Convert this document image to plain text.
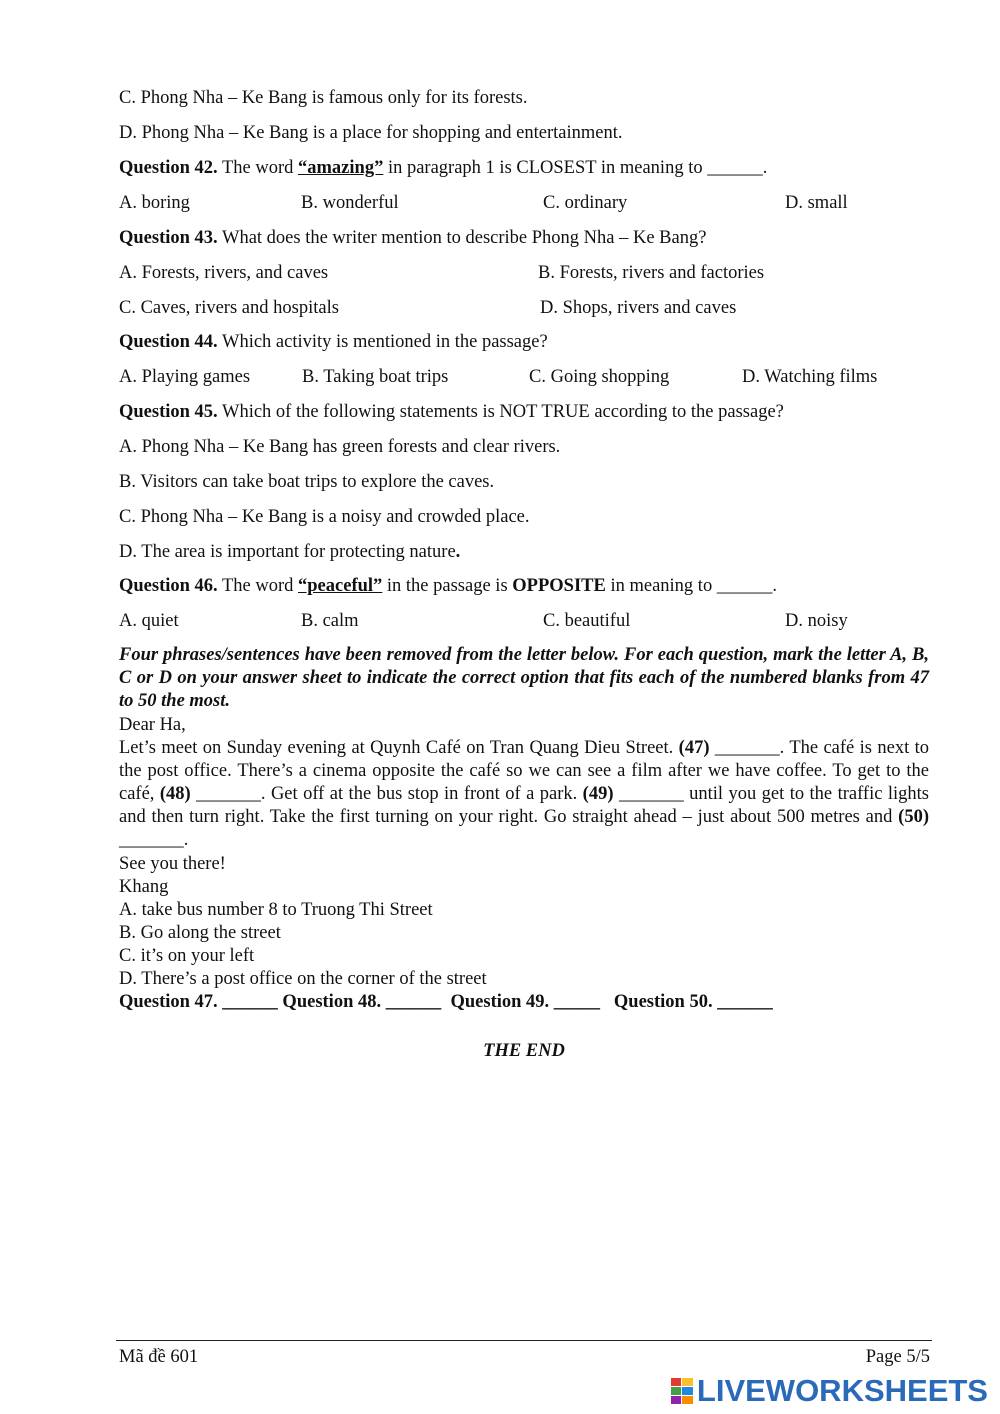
C. Phong Nha – Ke Bang is famous only for its forests.
D. Phong Nha – Ke Bang is a place for shopping and entertainment.
Question 42. The word “amazing” in paragraph 1 is CLOSEST in meaning to ______.
A. boring	B. wonderful	C. ordinary	D. small
Question 43. What does the writer mention to describe Phong Nha – Ke Bang?
A. Forests, rivers, and caves	B. Forests, rivers and factories
C. Caves, rivers and hospitals	D. Shops, rivers and caves
Question 44. Which activity is mentioned in the passage?
A. Playing games	B. Taking boat trips	C. Going shopping	D. Watching films
Question 45. Which of the following statements is NOT TRUE according to the passage?
A. Phong Nha – Ke Bang has green forests and clear rivers.
B. Visitors can take boat trips to explore the caves.
C. Phong Nha – Ke Bang is a noisy and crowded place.
D. The area is important for protecting nature.
Question 46. The word “peaceful” in the passage is OPPOSITE in meaning to ______.
A. quiet	B. calm	C. beautiful	D. noisy
Four phrases/sentences have been removed from the letter below. For each question, mark the letter A, B, C or D on your answer sheet to indicate the correct option that fits each of the numbered blanks from 47 to 50 the most.
Dear Ha,
Let’s meet on Sunday evening at Quynh Café on Tran Quang Dieu Street. (47) _______. The café is next to the post office. There’s a cinema opposite the café so we can see a film after we have coffee. To get to the café, (48) _______. Get off at the bus stop in front of a park. (49) _______ until you get to the traffic lights and then turn right. Take the first turning on your right. Go straight ahead – just about 500 metres and (50) _______.
See you there!
Khang
A. take bus number 8 to Truong Thi Street
B. Go along the street
C. it’s on your left
D. There’s a post office on the corner of the street
Question 47. ______ Question 48. ______  Question 49. _____   Question 50. ______
THE END
Mã đề 601	Page 5/5
LIVEWORKSHEETS
